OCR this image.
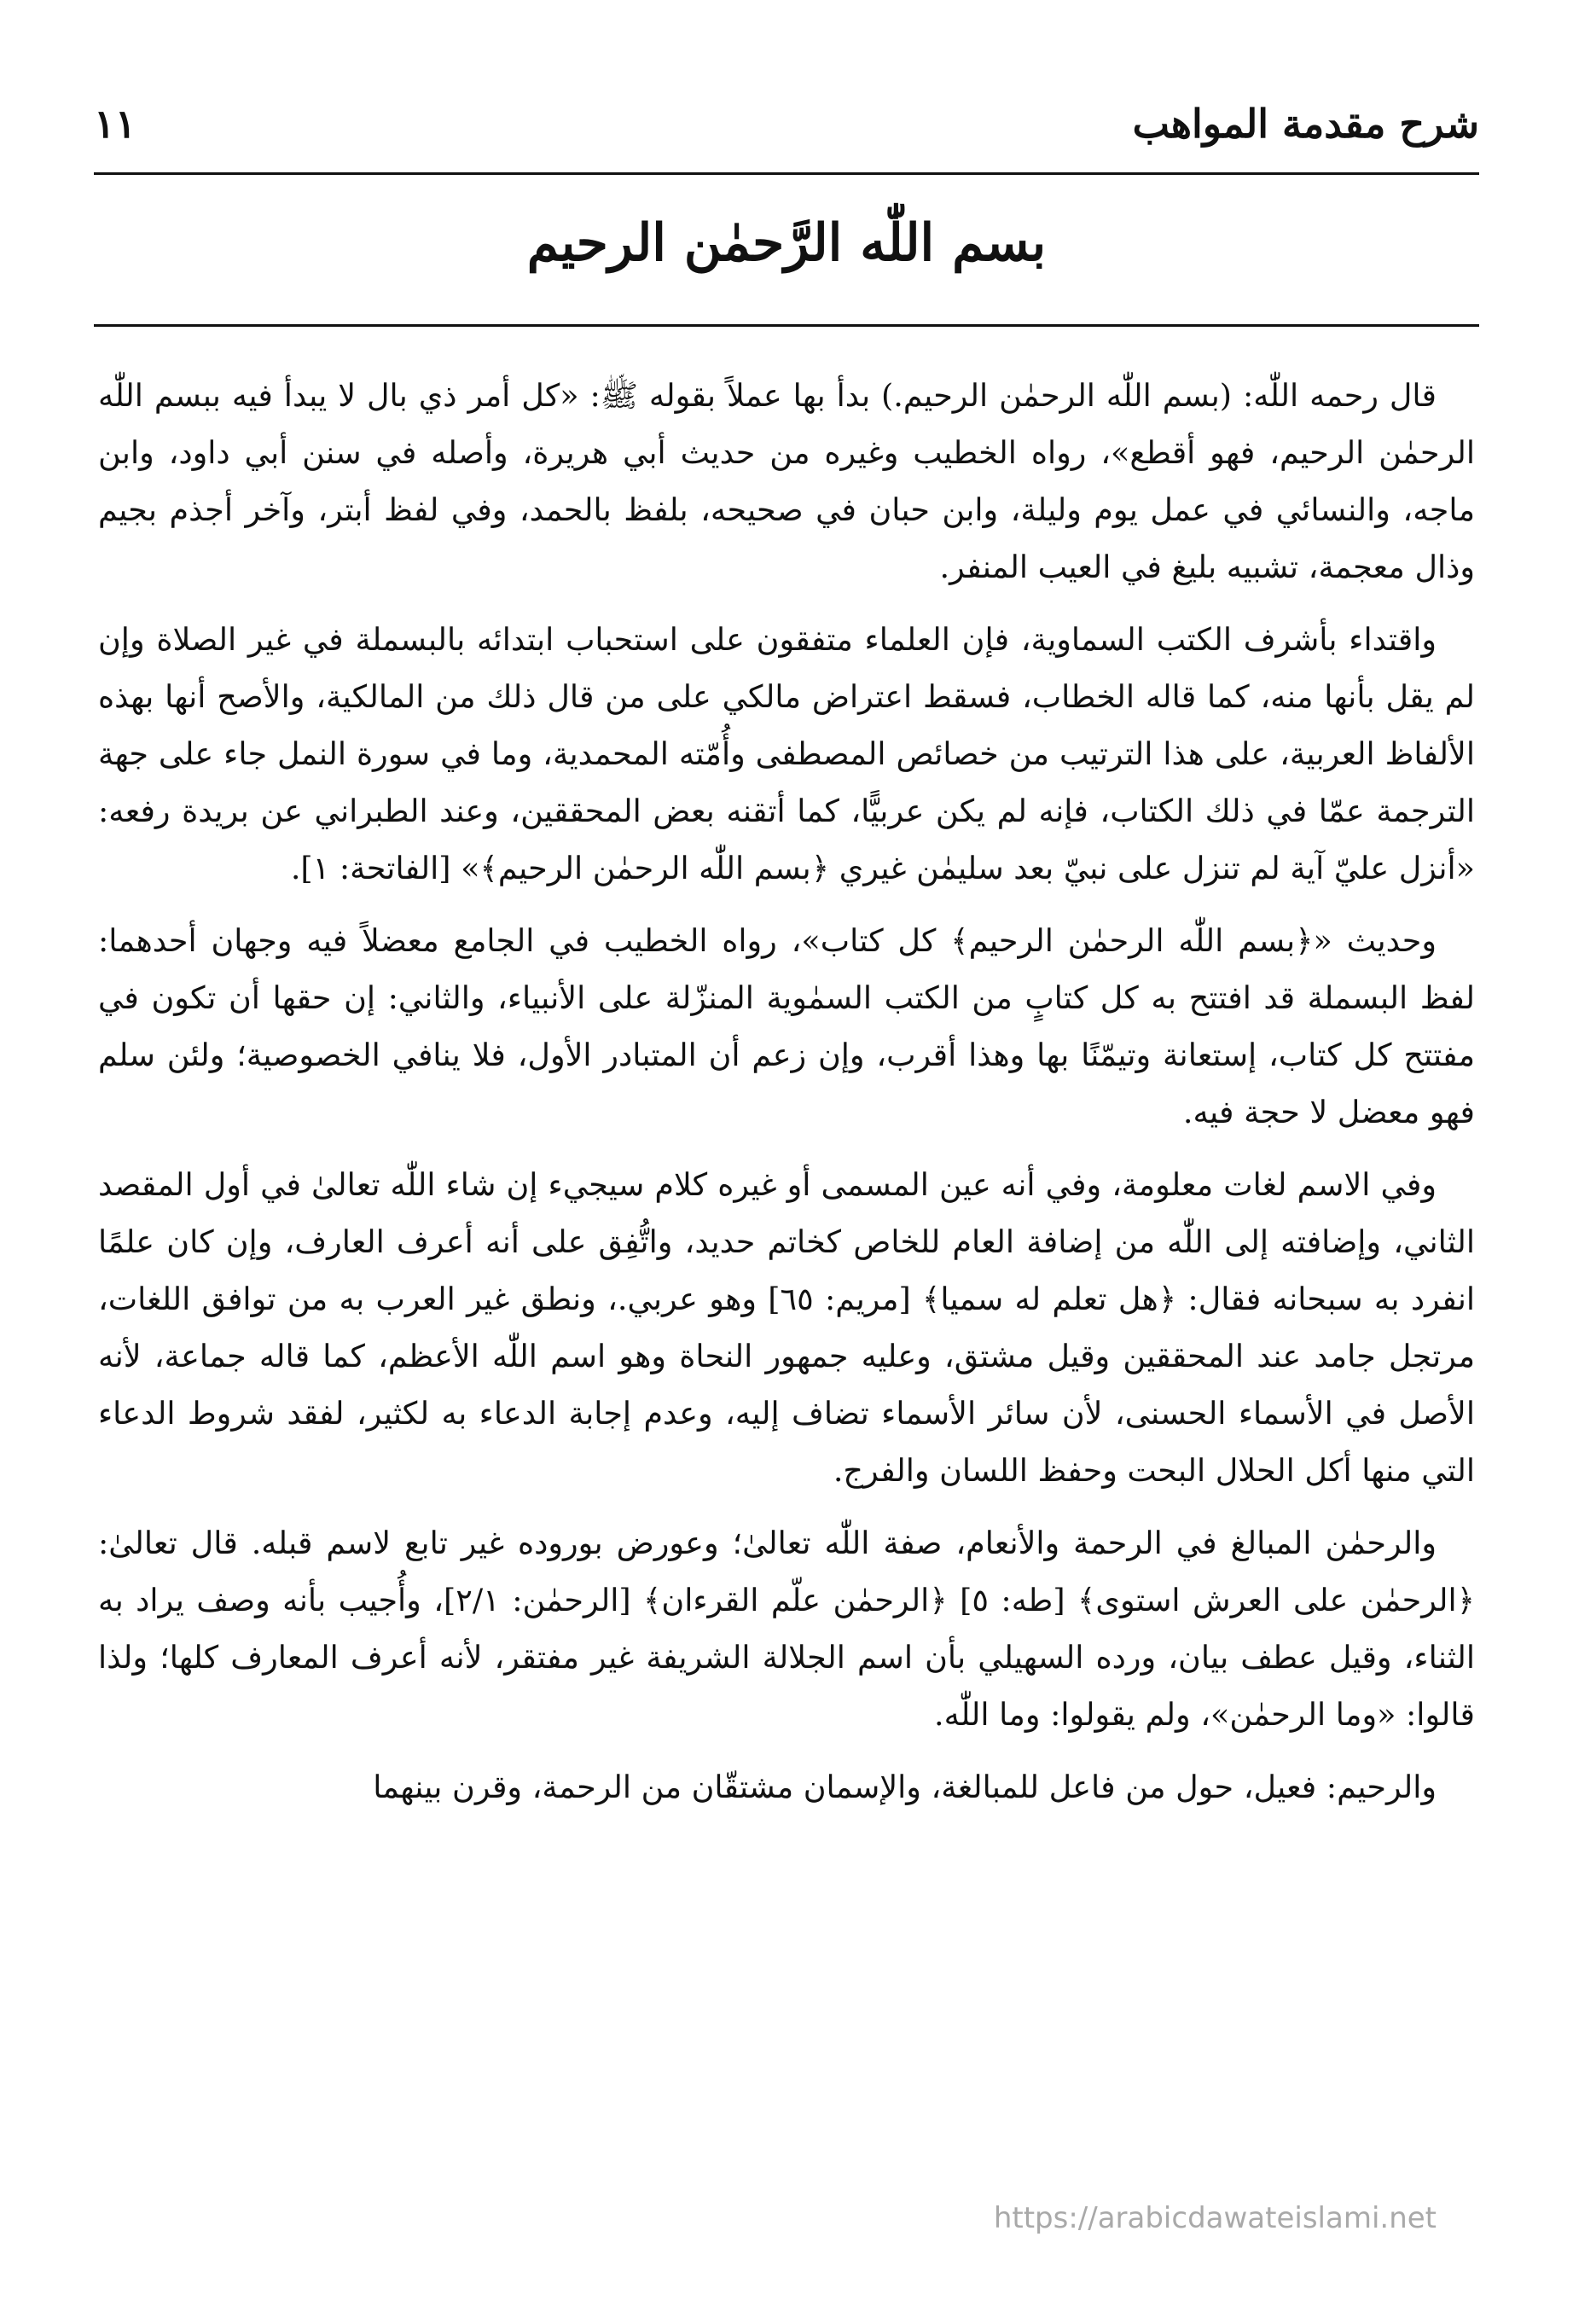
شرح مقدمة المواهب
١١
بسم اللّٰه الرَّحمٰن الرحيم

قال رحمه اللّٰه: (بسم اللّٰه الرحمٰن الرحيم.) بدأ بها عملاً بقوله ﷺ: «كل أمر ذي بال لا يبدأ فيه ببسم اللّٰه الرحمٰن الرحيم، فهو أقطع»، رواه الخطيب وغيره من حديث أبي هريرة، وأصله في سنن أبي داود، وابن ماجه، والنسائي في عمل يوم وليلة، وابن حبان في صحيحه، بلفظ بالحمد، وفي لفظ أبتر، وآخر أجذم بجيم وذال معجمة، تشبيه بليغ في العيب المنفر.

واقتداء بأشرف الكتب السماوية، فإن العلماء متفقون على استحباب ابتدائه بالبسملة في غير الصلاة وإن لم يقل بأنها منه، كما قاله الخطاب، فسقط اعتراض مالكي على من قال ذلك من المالكية، والأصح أنها بهذه الألفاظ العربية، على هذا الترتيب من خصائص المصطفى وأُمّته المحمدية، وما في سورة النمل جاء على جهة الترجمة عمّا في ذلك الكتاب، فإنه لم يكن عربيًّا، كما أتقنه بعض المحققين، وعند الطبراني عن بريدة رفعه: «أنزل عليّ آية لم تنزل على نبيّ بعد سليمٰن غيري ﴿بسم اللّٰه الرحمٰن الرحيم﴾» [الفاتحة: ١].

وحديث «﴿بسم اللّٰه الرحمٰن الرحيم﴾ كل كتاب»، رواه الخطيب في الجامع معضلاً فيه وجهان أحدهما: لفظ البسملة قد افتتح به كل كتابٍ من الكتب السمٰوية المنزّلة على الأنبياء، والثاني: إن حقها أن تكون في مفتتح كل كتاب، إستعانة وتيمّنًا بها وهذا أقرب، وإن زعم أن المتبادر الأول، فلا ينافي الخصوصية؛ ولئن سلم فهو معضل لا حجة فيه.

وفي الاسم لغات معلومة، وفي أنه عين المسمى أو غيره كلام سيجيء إن شاء اللّٰه تعالىٰ في أول المقصد الثاني، وإضافته إلى اللّٰه من إضافة العام للخاص كخاتم حديد، واتُّفِق على أنه أعرف العارف، وإن كان علمًا انفرد به سبحانه فقال: ﴿هل تعلم له سميا﴾ [مريم: ٦٥] وهو عربي.، ونطق غير العرب به من توافق اللغات، مرتجل جامد عند المحققين وقيل مشتق، وعليه جمهور النحاة وهو اسم اللّٰه الأعظم، كما قاله جماعة، لأنه الأصل في الأسماء الحسنى، لأن سائر الأسماء تضاف إليه، وعدم إجابة الدعاء به لكثير، لفقد شروط الدعاء التي منها أكل الحلال البحت وحفظ اللسان والفرج.

والرحمٰن المبالغ في الرحمة والأنعام، صفة اللّٰه تعالىٰ؛ وعورض بوروده غير تابع لاسم قبله. قال تعالىٰ: ﴿الرحمٰن على العرش استوى﴾ [طه: ٥] ﴿الرحمٰن علّم القرءان﴾ [الرحمٰن: ٢/١]، وأُجيب بأنه وصف يراد به الثناء، وقيل عطف بيان، ورده السهيلي بأن اسم الجلالة الشريفة غير مفتقر، لأنه أعرف المعارف كلها؛ ولذا قالوا: «وما الرحمٰن»، ولم يقولوا: وما اللّٰه.

والرحيم: فعيل، حول من فاعل للمبالغة، والإسمان مشتقّان من الرحمة، وقرن بينهما

https://arabicdawateislami.net
